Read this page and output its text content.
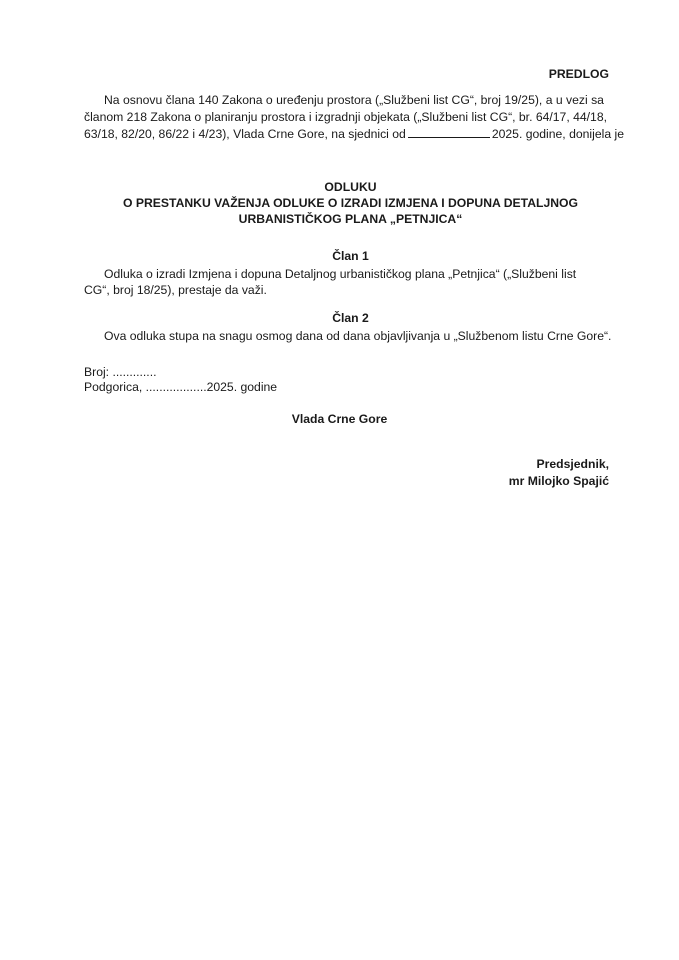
PREDLOG
Na osnovu člana 140 Zakona o uređenju prostora („Službeni list CG“, broj 19/25), a u vezi sa
članom 218 Zakona o planiranju prostora i izgradnji objekata („Službeni list CG“, br. 64/17, 44/18,
63/18, 82/20, 86/22 i 4/23), Vlada Crne Gore, na sjednici od	2025. godine, donijela je
ODLUKU
O PRESTANKU VAŽENJA ODLUKE O IZRADI IZMJENA I DOPUNA DETALJNOG
URBANISTIČKOG PLANA „PETNJICA“
Član 1
Odluka o izradi Izmjena i dopuna Detaljnog urbanističkog plana „Petnjica“ („Službeni list
CG“, broj 18/25), prestaje da važi.
Član 2
Ova odluka stupa na snagu osmog dana od dana objavljivanja u „Službenom listu Crne Gore“.
Broj: .............
Podgorica, ..................2025. godine
Vlada Crne Gore
Predsjednik,
mr Milojko Spajić
